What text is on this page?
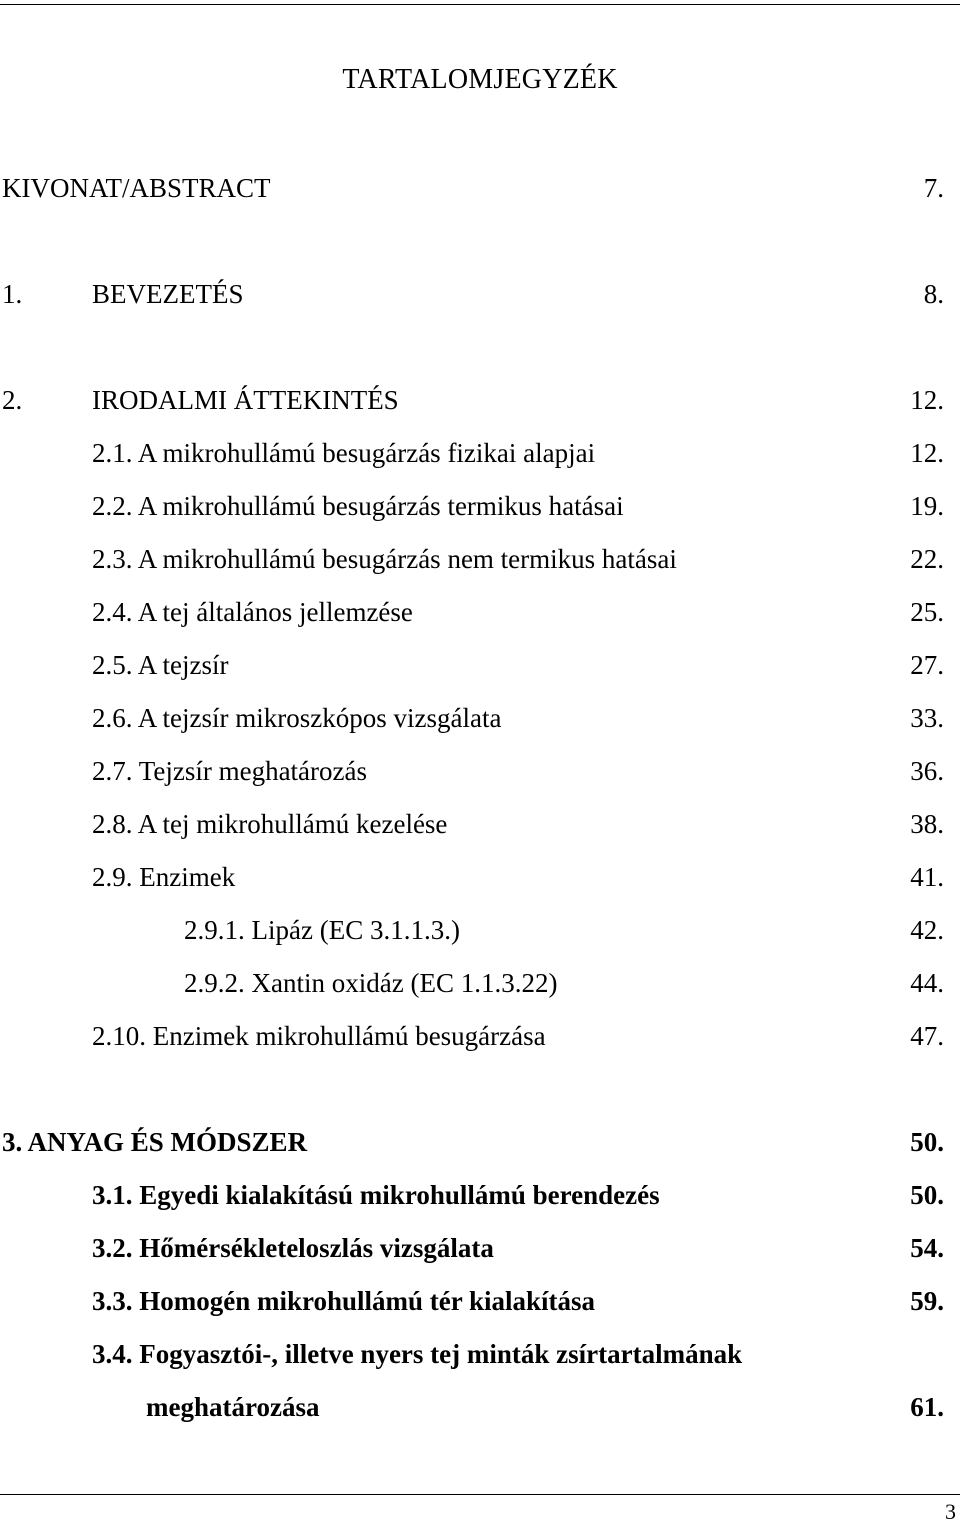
TARTALOMJEGYZÉK
KIVONAT/ABSTRACT	7.
1.	BEVEZETÉS	8.
2.	IRODALMI ÁTTEKINTÉS	12.
2.1. A mikrohullámú besugárzás fizikai alapjai	12.
2.2. A mikrohullámú besugárzás termikus hatásai	19.
2.3. A mikrohullámú besugárzás nem termikus hatásai	22.
2.4. A tej általános jellemzése	25.
2.5. A tejzsír	27.
2.6. A tejzsír mikroszkópos vizsgálata	33.
2.7. Tejzsír meghatározás	36.
2.8. A tej mikrohullámú kezelése	38.
2.9. Enzimek	41.
2.9.1. Lipáz (EC 3.1.1.3.)	42.
2.9.2. Xantin oxidáz (EC 1.1.3.22)	44.
2.10. Enzimek mikrohullámú besugárzása	47.
3. ANYAG ÉS MÓDSZER	50.
3.1. Egyedi kialakítású mikrohullámú berendezés	50.
3.2. Hőmérsékleteloszlás vizsgálata	54.
3.3. Homogén mikrohullámú tér kialakítása	59.
3.4. Fogyasztói-, illetve nyers tej minták zsírtartalmának
meghatározása	61.
3
